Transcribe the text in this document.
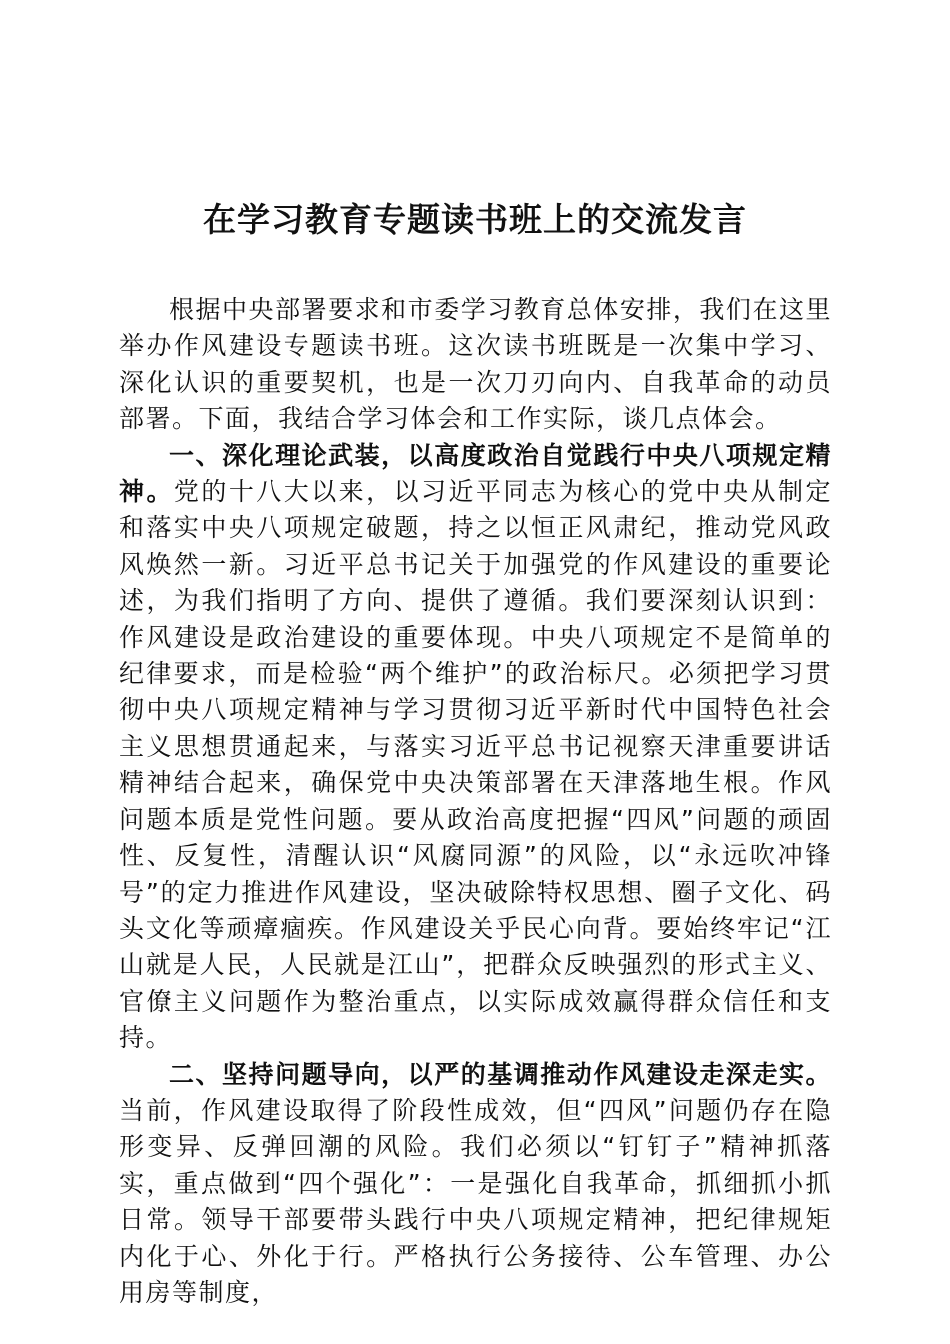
在学习教育专题读书班上的交流发言

根据中央部署要求和市委学习教育总体安排，我们在这里举办作风建设专题读书班。这次读书班既是一次集中学习、深化认识的重要契机，也是一次刀刃向内、自我革命的动员部署。下面，我结合学习体会和工作实际，谈几点体会。

一、深化理论武装，以高度政治自觉践行中央八项规定精神。党的十八大以来，以习近平同志为核心的党中央从制定和落实中央八项规定破题，持之以恒正风肃纪，推动党风政风焕然一新。习近平总书记关于加强党的作风建设的重要论述，为我们指明了方向、提供了遵循。我们要深刻认识到：作风建设是政治建设的重要体现。中央八项规定不是简单的纪律要求，而是检验“两个维护”的政治标尺。必须把学习贯彻中央八项规定精神与学习贯彻习近平新时代中国特色社会主义思想贯通起来，与落实习近平总书记视察天津重要讲话精神结合起来，确保党中央决策部署在天津落地生根。作风问题本质是党性问题。要从政治高度把握“四风”问题的顽固性、反复性，清醒认识“风腐同源”的风险，以“永远吹冲锋号”的定力推进作风建设，坚决破除特权思想、圈子文化、码头文化等顽瘴痼疾。作风建设关乎民心向背。要始终牢记“江山就是人民，人民就是江山”，把群众反映强烈的形式主义、官僚主义问题作为整治重点，以实际成效赢得群众信任和支持。

二、坚持问题导向，以严的基调推动作风建设走深走实。当前，作风建设取得了阶段性成效，但“四风”问题仍存在隐形变异、反弹回潮的风险。我们必须以“钉钉子”精神抓落实，重点做到“四个强化”：一是强化自我革命，抓细抓小抓日常。领导干部要带头践行中央八项规定精神，把纪律规矩内化于心、外化于行。严格执行公务接待、公车管理、办公用房等制度，
